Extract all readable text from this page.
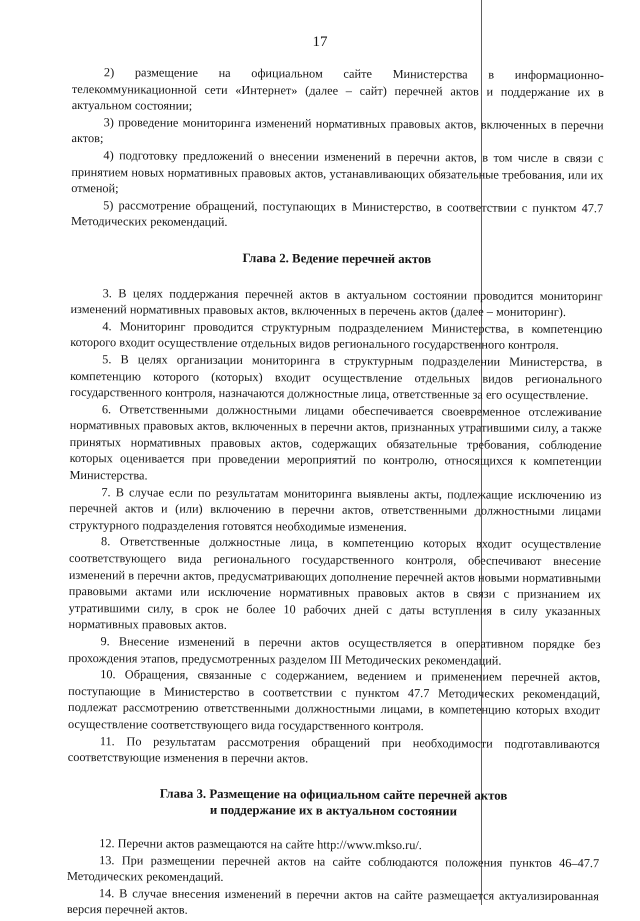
17

2) размещение на официальном сайте Министерства в информационно-телекоммуникационной сети «Интернет» (далее – сайт) перечней актов и поддержание их в актуальном состоянии;

3) проведение мониторинга изменений нормативных правовых актов, включенных в перечни актов;

4) подготовку предложений о внесении изменений в перечни актов, в том числе в связи с принятием новых нормативных правовых актов, устанавливающих обязательные требования, или их отменой;

5) рассмотрение обращений, поступающих в Министерство, в соответствии с пунктом 47.7 Методических рекомендаций.

Глава 2. Ведение перечней актов

3. В целях поддержания перечней актов в актуальном состоянии проводится мониторинг изменений нормативных правовых актов, включенных в перечень актов (далее – мониторинг).

4. Мониторинг проводится структурным подразделением Министерства, в компетенцию которого входит осуществление отдельных видов регионального государственного контроля.

5. В целях организации мониторинга в структурным подразделении Министерства, в компетенцию которого (которых) входит осуществление отдельных видов регионального государственного контроля, назначаются должностные лица, ответственные за его осуществление.

6. Ответственными должностными лицами обеспечивается своевременное отслеживание нормативных правовых актов, включенных в перечни актов, признанных утратившими силу, а также принятых нормативных правовых актов, содержащих обязательные требования, соблюдение которых оценивается при проведении мероприятий по контролю, относящихся к компетенции Министерства.

7. В случае если по результатам мониторинга выявлены акты, подлежащие исключению из перечней актов и (или) включению в перечни актов, ответственными должностными лицами структурного подразделения готовятся необходимые изменения.

8. Ответственные должностные лица, в компетенцию которых входит осуществление соответствующего вида регионального государственного контроля, обеспечивают внесение изменений в перечни актов, предусматривающих дополнение перечней актов новыми нормативными правовыми актами или исключение нормативных правовых актов в связи с признанием их утратившими силу, в срок не более 10 рабочих дней с даты вступления в силу указанных нормативных правовых актов.

9. Внесение изменений в перечни актов осуществляется в оперативном порядке без прохождения этапов, предусмотренных разделом III Методических рекомендаций.

10. Обращения, связанные с содержанием, ведением и применением перечней актов, поступающие в Министерство в соответствии с пунктом 47.7 Методических рекомендаций, подлежат рассмотрению ответственными должностными лицами, в компетенцию которых входит осуществление соответствующего вида государственного контроля.

11. По результатам рассмотрения обращений при необходимости подготавливаются соответствующие изменения в перечни актов.

Глава 3. Размещение на официальном сайте перечней актов
и поддержание их в актуальном состоянии

12. Перечни актов размещаются на сайте http://www.mkso.ru/.

13. При размещении перечней актов на сайте соблюдаются положения пунктов 46–47.7 Методических рекомендаций.

14. В случае внесения изменений в перечни актов на сайте размещается актуализированная версия перечней актов.
